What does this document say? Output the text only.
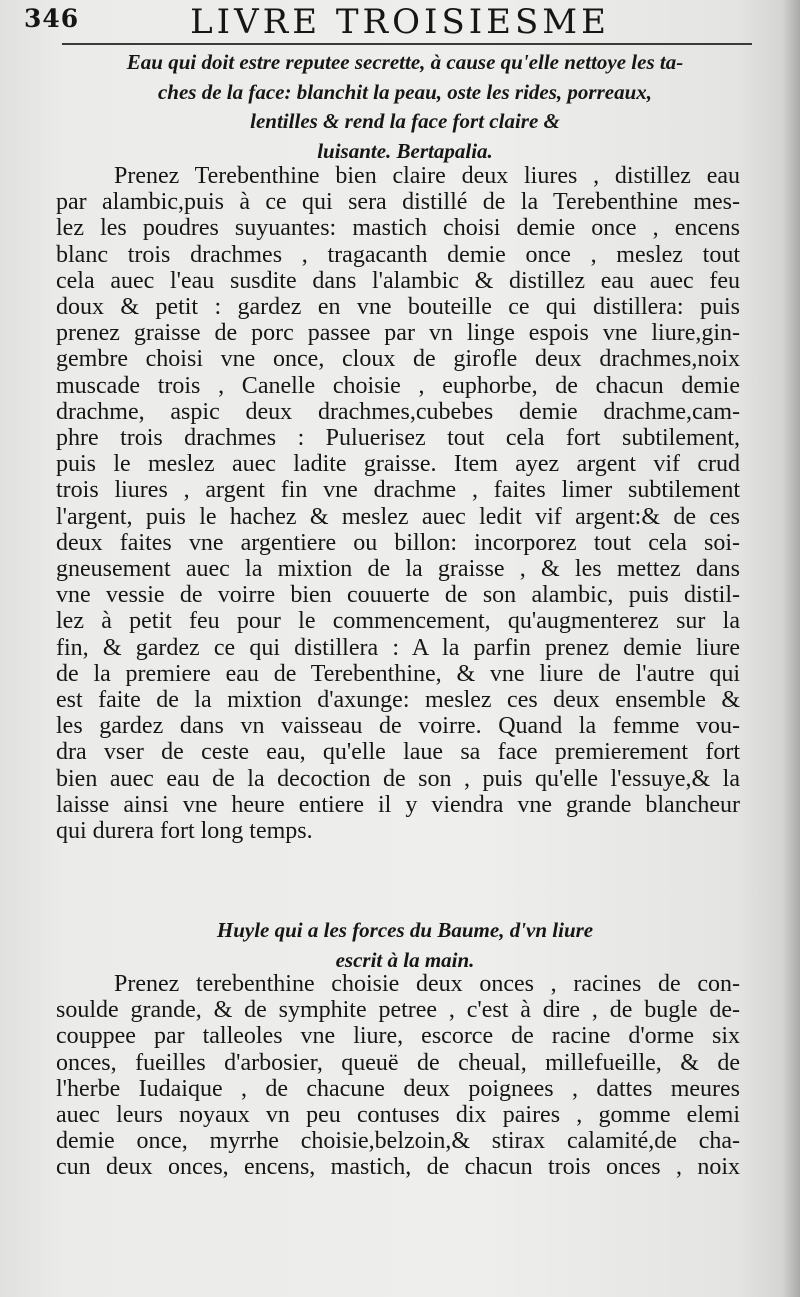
346	LIVRE TROISIESME
Eau qui doit estre reputee secrette, à cause qu'elle nettoye les ta-
ches de la face: blanchit la peau, oste les rides, porreaux,
lentilles & rend la face fort claire &
luisante. Bertapalia.
Prenez Terebenthine bien claire deux liures , distillez eau
par alambic,puis à ce qui sera distillé de la Terebenthine mes-
lez les poudres suyuantes: mastich choisi demie once , encens
blanc trois drachmes , tragacanth demie once , meslez tout
cela auec l'eau susdite dans l'alambic & distillez eau auec feu
doux & petit : gardez en vne bouteille ce qui distillera: puis
prenez graisse de porc passee par vn linge espois vne liure,gin-
gembre choisi vne once, cloux de girofle deux drachmes,noix
muscade trois , Canelle choisie , euphorbe, de chacun demie
drachme, aspic deux drachmes,cubebes demie drachme,cam-
phre trois drachmes : Puluerisez tout cela fort subtilement,
puis le meslez auec ladite graisse. Item ayez argent vif crud
trois liures , argent fin vne drachme , faites limer subtilement
l'argent, puis le hachez & meslez auec ledit vif argent:& de ces
deux faites vne argentiere ou billon: incorporez tout cela soi-
gneusement auec la mixtion de la graisse , & les mettez dans
vne vessie de voirre bien couuerte de son alambic, puis distil-
lez à petit feu pour le commencement, qu'augmenterez sur la
fin, & gardez ce qui distillera : A la parfin prenez demie liure
de la premiere eau de Terebenthine, & vne liure de l'autre qui
est faite de la mixtion d'axunge: meslez ces deux ensemble &
les gardez dans vn vaisseau de voirre. Quand la femme vou-
dra vser de ceste eau, qu'elle laue sa face premierement fort
bien auec eau de la decoction de son , puis qu'elle l'essuye,& la
laisse ainsi vne heure entiere il y viendra vne grande blancheur
qui durera fort long temps.
Huyle qui a les forces du Baume, d'vn liure
escrit à la main.
Prenez terebenthine choisie deux onces , racines de con-
soulde grande, & de symphite petree , c'est à dire , de bugle de-
couppee par talleoles vne liure, escorce de racine d'orme six
onces, fueilles d'arbosier, queuë de cheual, millefueille, & de
l'herbe Iudaique , de chacune deux poignees , dattes meures
auec leurs noyaux vn peu contuses dix paires , gomme elemi
demie once, myrrhe choisie,belzoin,& stirax calamité,de cha-
cun deux onces, encens, mastich, de chacun trois onces , noix
